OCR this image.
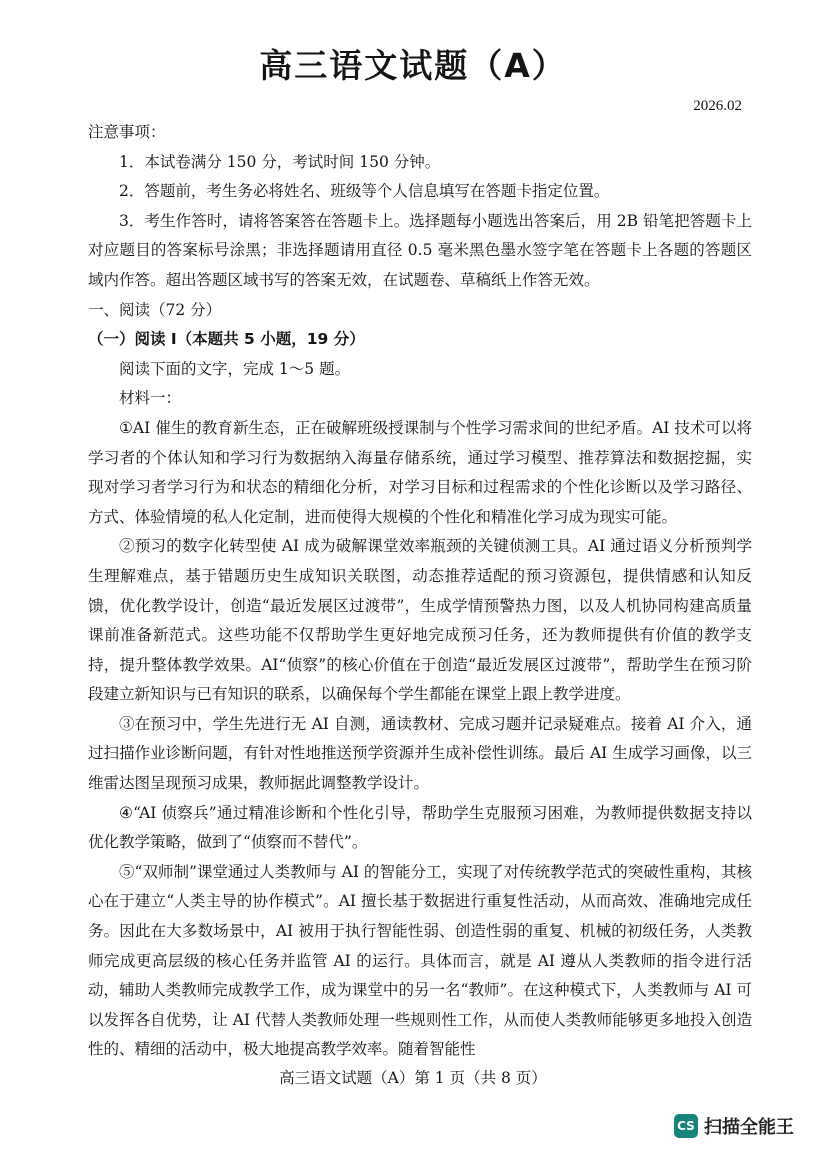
高三语文试题（A）
2026.02

注意事项：

1．本试卷满分 150 分，考试时间 150 分钟。

2．答题前，考生务必将姓名、班级等个人信息填写在答题卡指定位置。

3．考生作答时，请将答案答在答题卡上。选择题每小题选出答案后，用 2B 铅笔把答题卡上对应题目的答案标号涂黑；非选择题请用直径 0.5 毫米黑色墨水签字笔在答题卡上各题的答题区域内作答。超出答题区域书写的答案无效，在试题卷、草稿纸上作答无效。

一、阅读（72 分）

（一）阅读 I（本题共 5 小题，19 分）

阅读下面的文字，完成 1～5 题。

材料一：

①AI 催生的教育新生态，正在破解班级授课制与个性学习需求间的世纪矛盾。AI 技术可以将学习者的个体认知和学习行为数据纳入海量存储系统，通过学习模型、推荐算法和数据挖掘，实现对学习者学习行为和状态的精细化分析，对学习目标和过程需求的个性化诊断以及学习路径、方式、体验情境的私人化定制，进而使得大规模的个性化和精准化学习成为现实可能。

②预习的数字化转型使 AI 成为破解课堂效率瓶颈的关键侦测工具。AI 通过语义分析预判学生理解难点，基于错题历史生成知识关联图，动态推荐适配的预习资源包，提供情感和认知反馈，优化教学设计，创造“最近发展区过渡带”，生成学情预警热力图，以及人机协同构建高质量课前准备新范式。这些功能不仅帮助学生更好地完成预习任务，还为教师提供有价值的教学支持，提升整体教学效果。AI“侦察”的核心价值在于创造“最近发展区过渡带”，帮助学生在预习阶段建立新知识与已有知识的联系，以确保每个学生都能在课堂上跟上教学进度。

③在预习中，学生先进行无 AI 自测，通读教材、完成习题并记录疑难点。接着 AI 介入，通过扫描作业诊断问题，有针对性地推送预学资源并生成补偿性训练。最后 AI 生成学习画像，以三维雷达图呈现预习成果，教师据此调整教学设计。

④“AI 侦察兵”通过精准诊断和个性化引导，帮助学生克服预习困难，为教师提供数据支持以优化教学策略，做到了“侦察而不替代”。

⑤“双师制”课堂通过人类教师与 AI 的智能分工，实现了对传统教学范式的突破性重构，其核心在于建立“人类主导的协作模式”。AI 擅长基于数据进行重复性活动，从而高效、准确地完成任务。因此在大多数场景中，AI 被用于执行智能性弱、创造性弱的重复、机械的初级任务，人类教师完成更高层级的核心任务并监管 AI 的运行。具体而言，就是 AI 遵从人类教师的指令进行活动，辅助人类教师完成教学工作，成为课堂中的另一名“教师”。在这种模式下，人类教师与 AI 可以发挥各自优势，让 AI 代替人类教师处理一些规则性工作，从而使人类教师能够更多地投入创造性的、精细的活动中，极大地提高教学效率。随着智能性

高三语文试题（A）第 1 页（共 8 页）
CS 扫描全能王
